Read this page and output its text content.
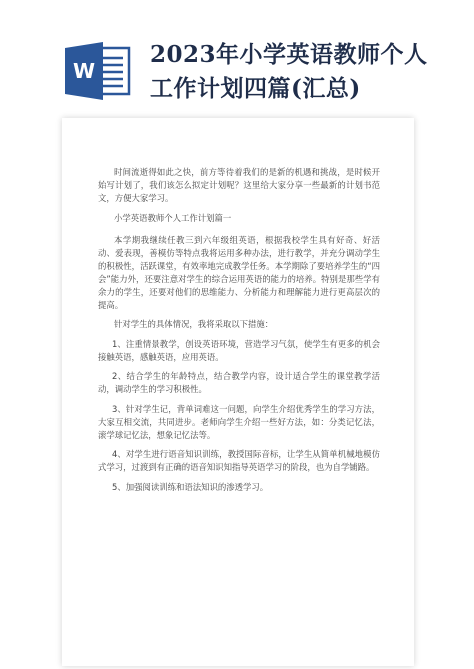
W
2023年小学英语教师个人
工作计划四篇(汇总)

时间流逝得如此之快，前方等待着我们的是新的机遇和挑战，是时候开始写计划了，我们该怎么拟定计划呢？这里给大家分享一些最新的计划书范文，方便大家学习。

小学英语教师个人工作计划篇一

本学期我继续任教三到六年级组英语，根据我校学生具有好奇、好活动、爱表现，善模仿等特点我将运用多种办法，进行教学，并充分调动学生的积极性，活跃课堂，有效率地完成教学任务。本学期除了要培养学生的“四会”能力外，还要注意对学生的综合运用英语的能力的培养。特别是那些学有余力的学生，还要对他们的思维能力、分析能力和理解能力进行更高层次的提高。

针对学生的具体情况，我将采取以下措施：

1、注重情景教学，创设英语环境，营造学习气氛，使学生有更多的机会接触英语，感触英语，应用英语。

2、结合学生的年龄特点，结合教学内容，设计适合学生的课堂教学活动，调动学生的学习积极性。

3、针对学生记，背单词难这一问题，向学生介绍优秀学生的学习方法，大家互相交流，共同进步。老师向学生介绍一些好方法，如：分类记忆法，滚学球记忆法，想象记忆法等。

4、对学生进行语音知识训练，教授国际音标，让学生从简单机械地模仿式学习，过渡到有正确的语音知识知指导英语学习的阶段，也为自学铺路。

5、加强阅读训练和语法知识的渗透学习。
